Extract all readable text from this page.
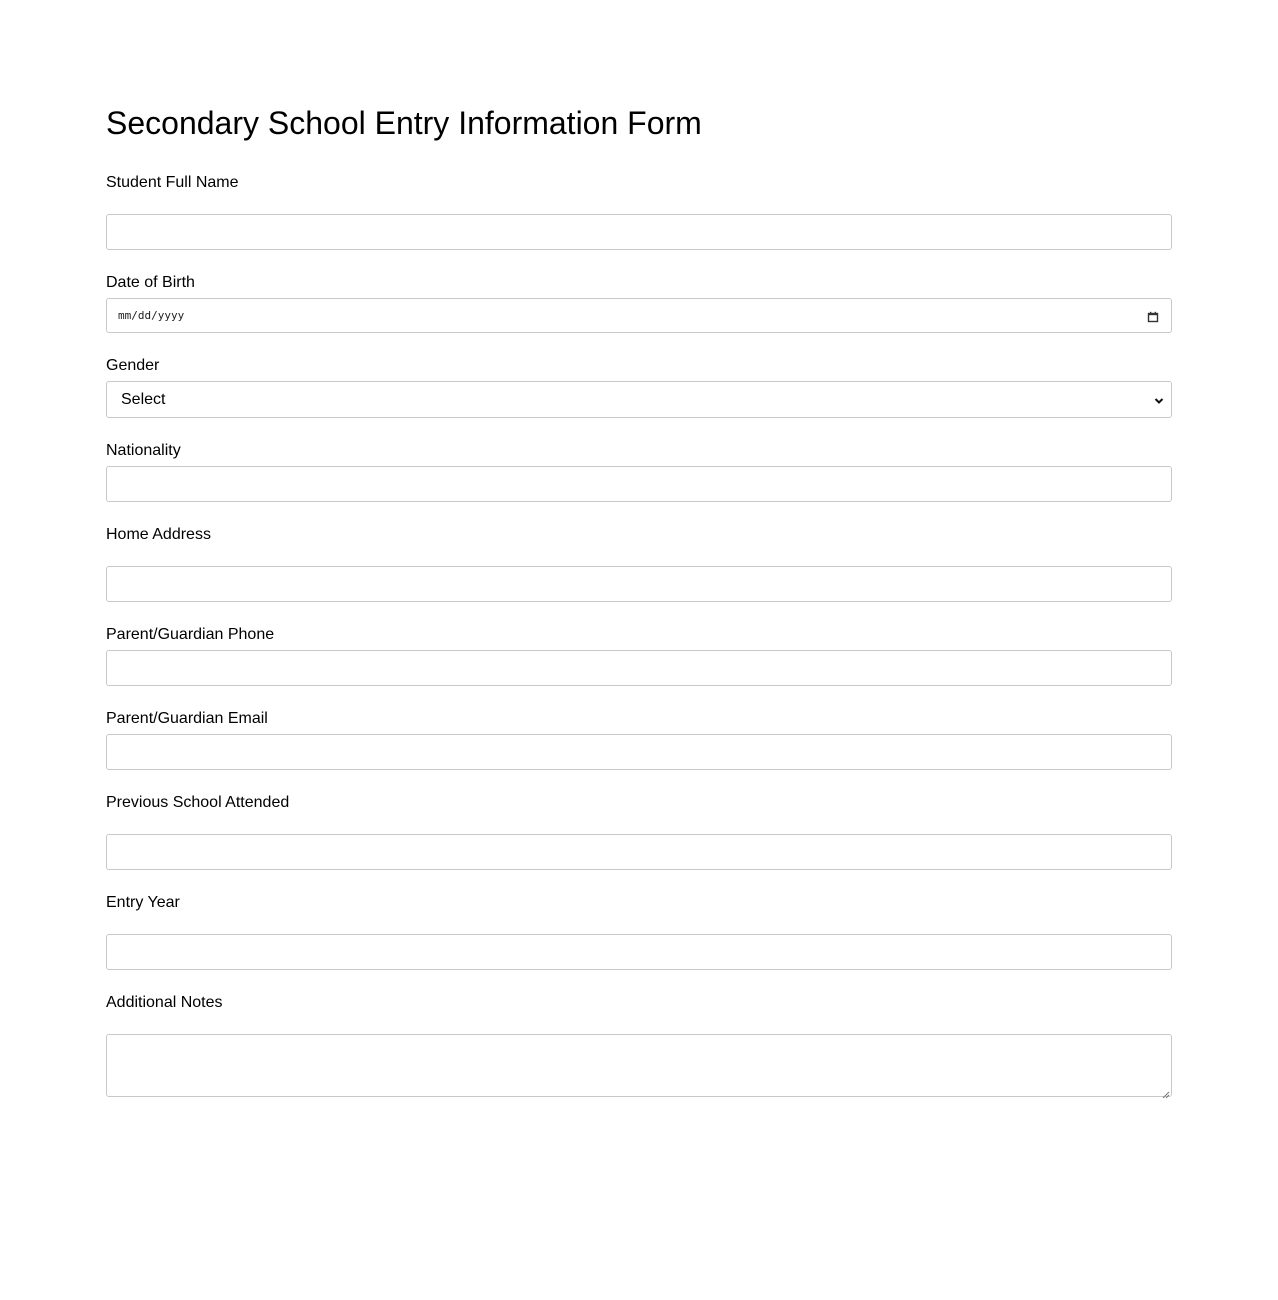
Secondary School Entry Information Form
Student Full Name
Date of Birth
mm/dd/yyyy
Gender
Select
Nationality
Home Address
Parent/Guardian Phone
Parent/Guardian Email
Previous School Attended
Entry Year
Additional Notes
